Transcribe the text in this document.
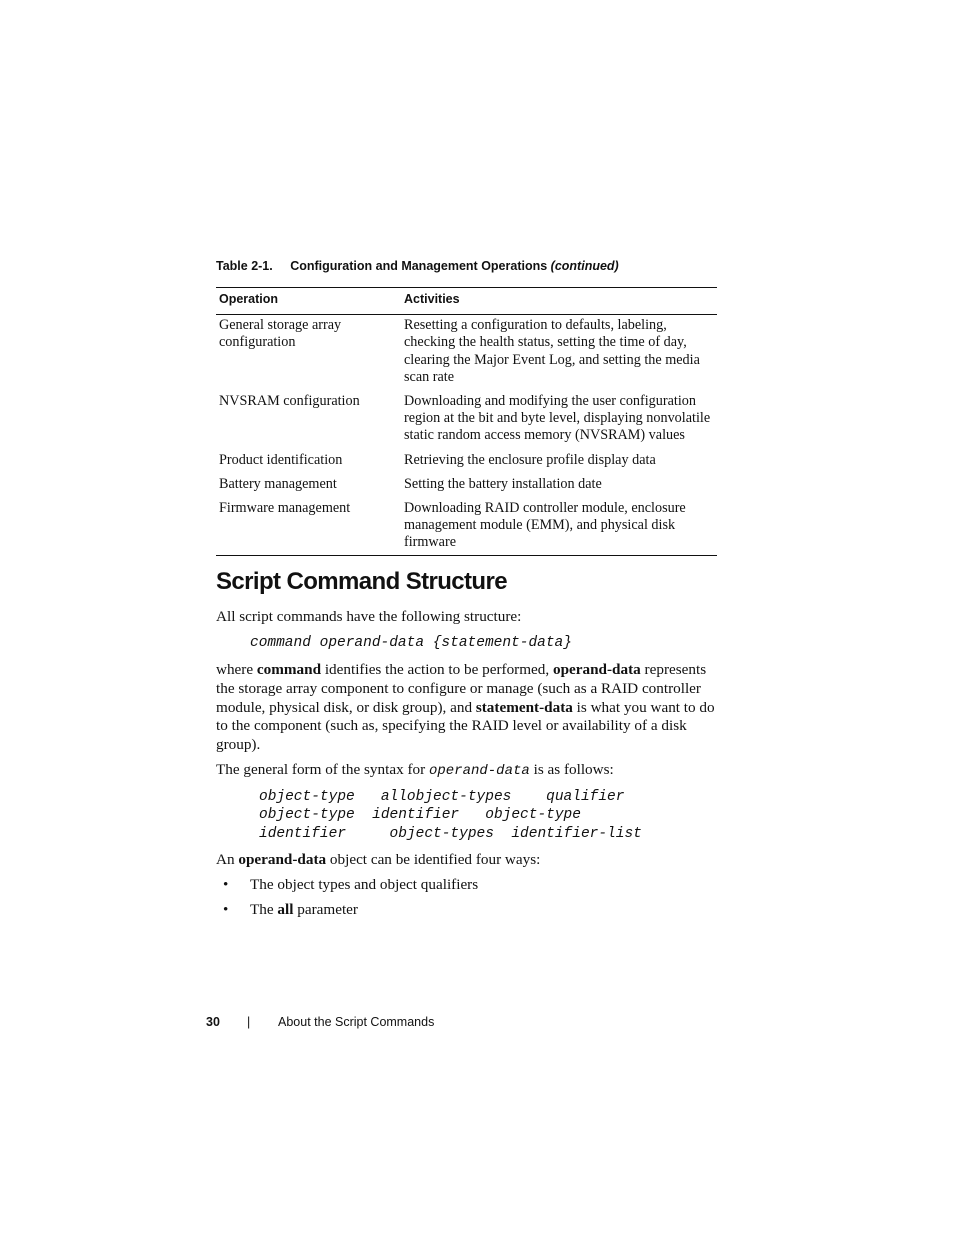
Table 2-1. Configuration and Management Operations (continued)
Operation	Activities
General storage array configuration	Resetting a configuration to defaults, labeling, checking the health status, setting the time of day, clearing the Major Event Log, and setting the media scan rate
NVSRAM configuration	Downloading and modifying the user configuration region at the bit and byte level, displaying nonvolatile static random access memory (NVSRAM) values
Product identification	Retrieving the enclosure profile display data
Battery management	Setting the battery installation date
Firmware management	Downloading RAID controller module, enclosure management module (EMM), and physical disk firmware
Script Command Structure

All script commands have the following structure:

command operand-data {statement-data}

where command identifies the action to be performed, operand-data represents the storage array component to configure or manage (such as a RAID controller module, physical disk, or disk group), and statement-data is what you want to do to the component (such as, specifying the RAID level or availability of a disk group).

The general form of the syntax for operand-data is as follows:

object-type   allobject-types    qualifier
object-type  identifier   object-type
identifier     object-types  identifier-list

An operand-data object can be identified four ways:

• The object types and object qualifiers
• The all parameter
30 | About the Script Commands
